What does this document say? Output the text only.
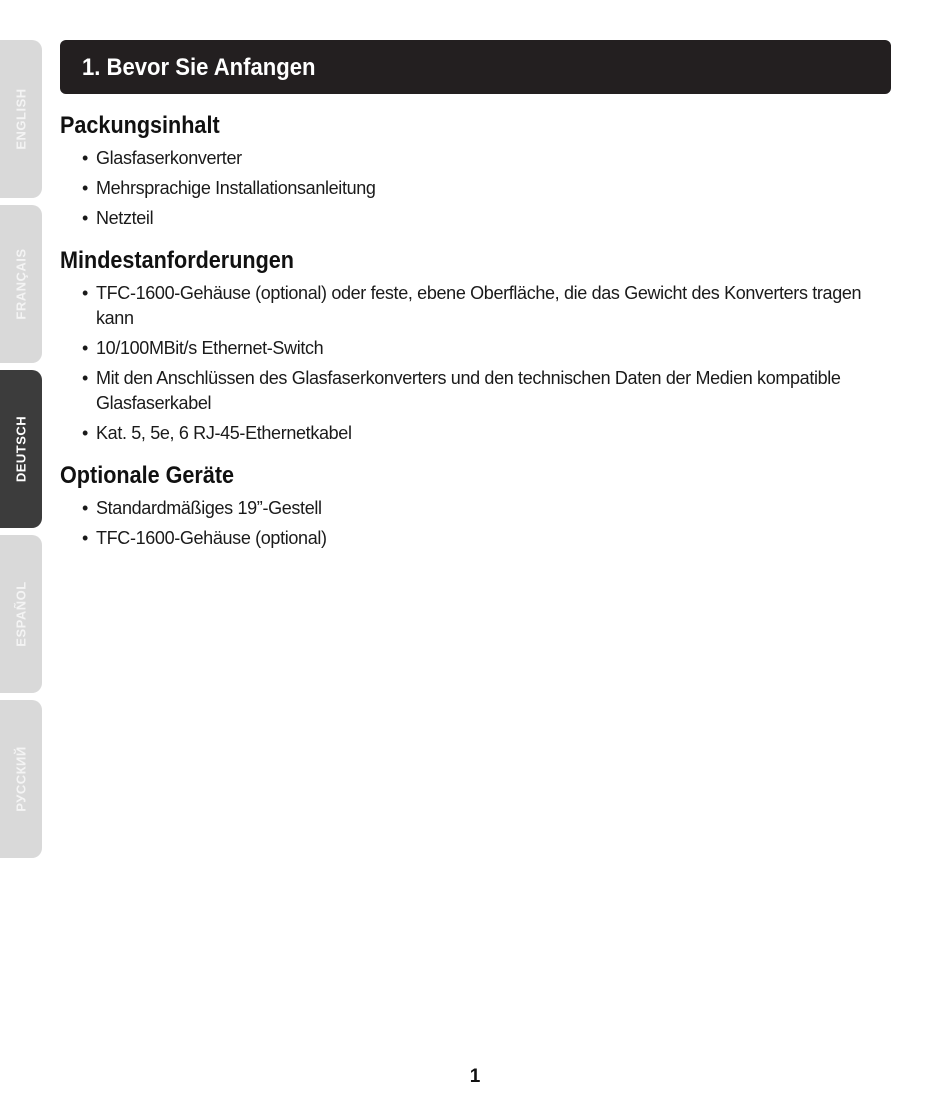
ENGLISH
FRANÇAIS
DEUTSCH
ESPAÑOL
РУССКИЙ
1. Bevor Sie Anfangen
Packungsinhalt
• Glasfaserkonverter
• Mehrsprachige Installationsanleitung
• Netzteil
Mindestanforderungen
• TFC-1600-Gehäuse (optional) oder feste, ebene Oberfläche, die das Gewicht des Konverters tragen kann
• 10/100MBit/s Ethernet-Switch
• Mit den Anschlüssen des Glasfaserkonverters und den technischen Daten der Medien kompatible Glasfaserkabel
• Kat. 5, 5e, 6 RJ-45-Ethernetkabel
Optionale Geräte
• Standardmäßiges 19”-Gestell
• TFC-1600-Gehäuse (optional)
1
